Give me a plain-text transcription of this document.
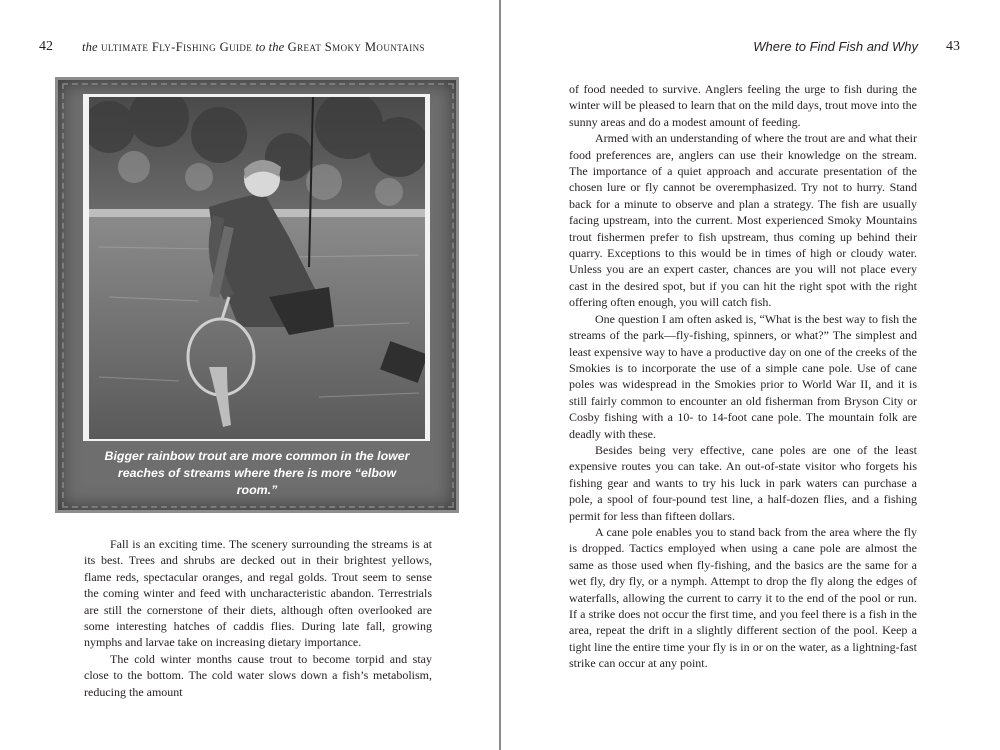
42 the ultimate Fly-Fishing Guide to the Great Smoky Mountains
Bigger rainbow trout are more common in the lower
reaches of streams where there is more “elbow room.”

Fall is an exciting time. The scenery surrounding the streams is at its best. Trees and shrubs are decked out in their brightest yellows, flame reds, spectacular oranges, and regal golds. Trout seem to sense the coming winter and feed with uncharacteristic abandon. Terrestrials are still the cornerstone of their diets, although often overlooked are some interesting hatches of caddis flies. During late fall, growing nymphs and larvae take on increasing dietary importance.

The cold winter months cause trout to become torpid and stay close to the bottom. The cold water slows down a fish’s metabolism, reducing the amount

Where to Find Fish and Why 43

of food needed to survive. Anglers feeling the urge to fish during the winter will be pleased to learn that on the mild days, trout move into the sunny areas and do a modest amount of feeding.

Armed with an understanding of where the trout are and what their food preferences are, anglers can use their knowledge on the stream. The importance of a quiet approach and accurate presentation of the chosen lure or fly cannot be overemphasized. Try not to hurry. Stand back for a minute to observe and plan a strategy. The fish are usually facing upstream, into the current. Most experienced Smoky Mountains trout fishermen prefer to fish upstream, thus coming up behind their quarry. Exceptions to this would be in times of high or cloudy water. Unless you are an expert caster, chances are you will not place every cast in the desired spot, but if you can hit the right spot with the right offering often enough, you will catch fish.

One question I am often asked is, “What is the best way to fish the streams of the park—fly-fishing, spinners, or what?” The simplest and least expensive way to have a productive day on one of the creeks of the Smokies is to incorporate the use of a simple cane pole. Use of cane poles was widespread in the Smokies prior to World War II, and it is still fairly common to encounter an old fisherman from Bryson City or Cosby fishing with a 10- to 14-foot cane pole. The mountain folk are deadly with these.

Besides being very effective, cane poles are one of the least expensive routes you can take. An out-of-state visitor who forgets his fishing gear and wants to try his luck in park waters can purchase a pole, a spool of four-pound test line, a half-dozen flies, and a fishing permit for less than fifteen dollars.

A cane pole enables you to stand back from the area where the fly is dropped. Tactics employed when using a cane pole are almost the same as those used when fly-fishing, and the basics are the same for a wet fly, dry fly, or a nymph. Attempt to drop the fly along the edges of waterfalls, allowing the current to carry it to the end of the pool or run. If a strike does not occur the first time, and you feel there is a fish in the area, repeat the drift in a slightly different section of the pool. Keep a tight line the entire time your fly is in or on the water, as a lightning-fast strike can occur at any point.
